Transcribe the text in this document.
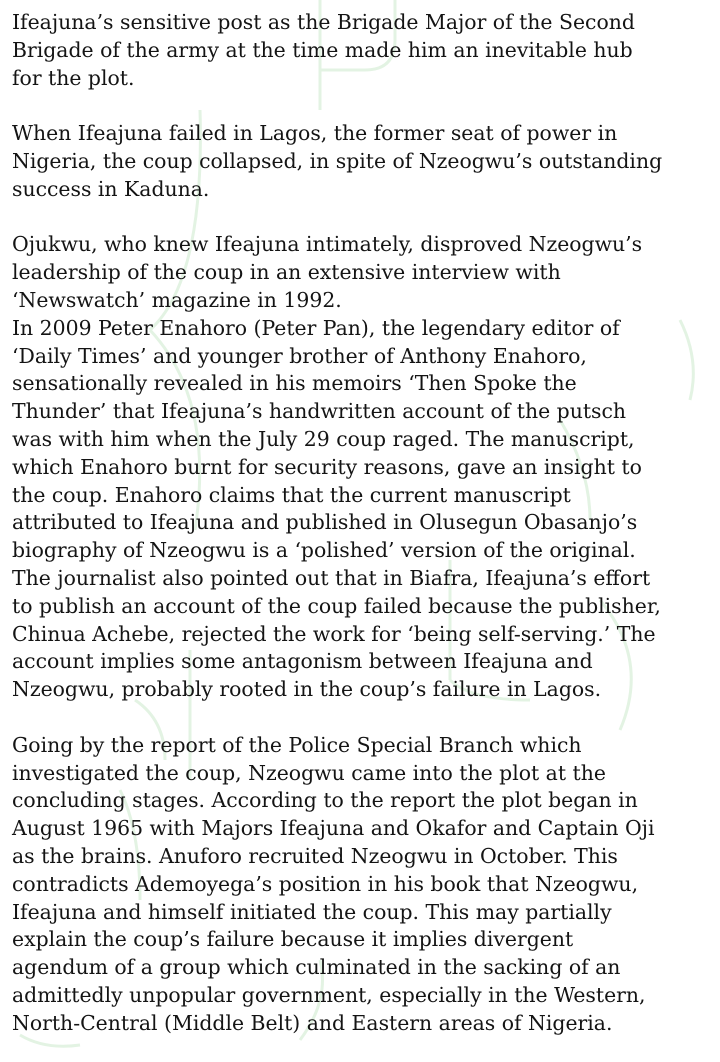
Ifeajuna’s sensitive post as the Brigade Major of the Second
Brigade of the army at the time made him an inevitable hub
for the plot.

When Ifeajuna failed in Lagos, the former seat of power in
Nigeria, the coup collapsed, in spite of Nzeogwu’s outstanding
success in Kaduna.

Ojukwu, who knew Ifeajuna intimately, disproved Nzeogwu’s
leadership of the coup in an extensive interview with
‘Newswatch’ magazine in 1992.

In 2009 Peter Enahoro (Peter Pan), the legendary editor of
‘Daily Times’ and younger brother of Anthony Enahoro,
sensationally revealed in his memoirs ‘Then Spoke the
Thunder’ that Ifeajuna’s handwritten account of the putsch
was with him when the July 29 coup raged. The manuscript,
which Enahoro burnt for security reasons, gave an insight to
the coup. Enahoro claims that the current manuscript
attributed to Ifeajuna and published in Olusegun Obasanjo’s
biography of Nzeogwu is a ‘polished’ version of the original.
The journalist also pointed out that in Biafra, Ifeajuna’s effort
to publish an account of the coup failed because the publisher,
Chinua Achebe, rejected the work for ‘being self-serving.’ The
account implies some antagonism between Ifeajuna and
Nzeogwu, probably rooted in the coup’s failure in Lagos.

Going by the report of the Police Special Branch which
investigated the coup, Nzeogwu came into the plot at the
concluding stages. According to the report the plot began in
August 1965 with Majors Ifeajuna and Okafor and Captain Oji
as the brains. Anuforo recruited Nzeogwu in October. This
contradicts Ademoyega’s position in his book that Nzeogwu,
Ifeajuna and himself initiated the coup. This may partially
explain the coup’s failure because it implies divergent
agendum of a group which culminated in the sacking of an
admittedly unpopular government, especially in the Western,
North-Central (Middle Belt) and Eastern areas of Nigeria.
